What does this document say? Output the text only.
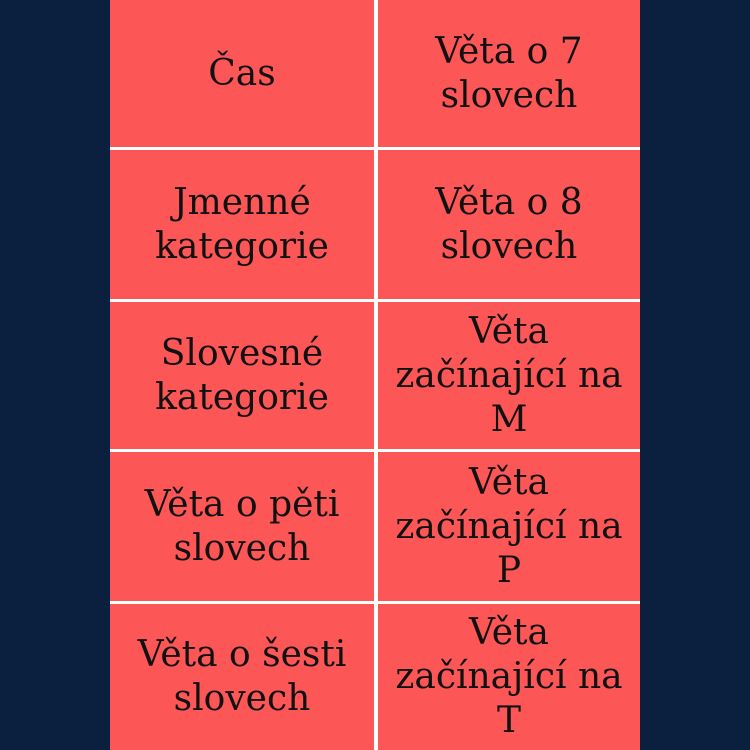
Čas
Věta o 7 slovech
Jmenné kategorie
Věta o 8 slovech
Slovesné kategorie
Věta začínající na M
Věta o pěti slovech
Věta začínající na P
Věta o šesti slovech
Věta začínající na T
